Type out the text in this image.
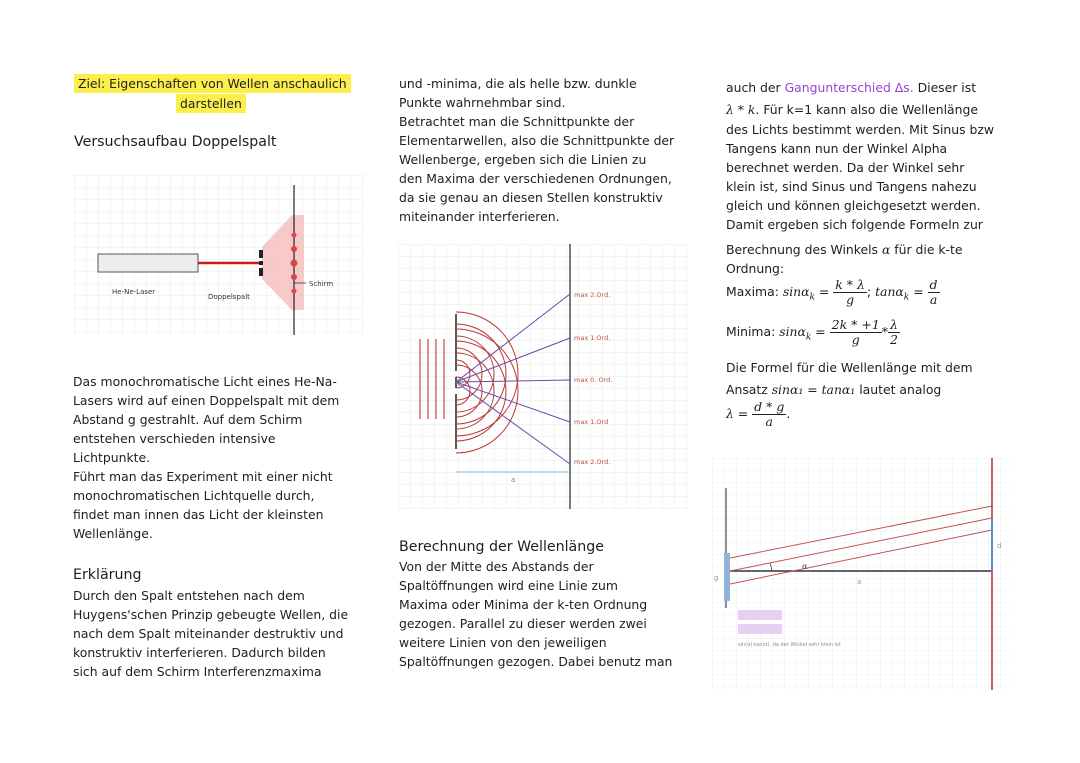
Ziel: Eigenschaften von Wellen anschaulich
darstellen
Versuchsaufbau Doppelspalt
He-Ne-Laser
Doppelspalt
Schirm
Das monochromatische Licht eines He-Na-
Lasers wird auf einen Doppelspalt mit dem
Abstand g gestrahlt. Auf dem Schirm
entstehen verschieden intensive
Lichtpunkte.
Führt man das Experiment mit einer nicht
monochromatischen Lichtquelle durch,
findet man innen das Licht der kleinsten
Wellenlänge.
Erklärung
Durch den Spalt entstehen nach dem
Huygens'schen Prinzip gebeugte Wellen, die
nach dem Spalt miteinander destruktiv und
konstruktiv interferieren. Dadurch bilden
sich auf dem Schirm Interferenzmaxima
und -minima, die als helle bzw. dunkle
Punkte wahrnehmbar sind.
Betrachtet man die Schnittpunkte der
Elementarwellen, also die Schnittpunkte der
Wellenberge, ergeben sich die Linien zu
den Maxima der verschiedenen Ordnungen,
da sie genau an diesen Stellen konstruktiv
miteinander interferieren.
g
a
max 2.Ord.
max 1.Ord.
max 0. Ord.
max 1.Ord
max 2.Ord.
Berechnung der Wellenlänge
Von der Mitte des Abstands der
Spaltöffnungen wird eine Linie zum
Maxima oder Minima der k-ten Ordnung
gezogen. Parallel zu dieser werden zwei
weitere Linien von den jeweiligen
Spaltöffnungen gezogen. Dabei benutz man
auch der Gangunterschied Δs. Dieser ist
λ * k. Für k=1 kann also die Wellenlänge
des Lichts bestimmt werden. Mit Sinus bzw
Tangens kann nun der Winkel Alpha
berechnet werden. Da der Winkel sehr
klein ist, sind Sinus und Tangens nahezu
gleich und können gleichgesetzt werden.
Damit ergeben sich folgende Formeln zur
Berechnung des Winkels α für die k-te
Ordnung:
Maxima: $\sin\alpha_k = \frac{k * \lambda}{g}$ ; $\tan\alpha_k = \frac{d}{a}$
Minima: $\sin\alpha_k = \frac{2k * +1}{g} * \frac{\lambda}{2}$
Die Formel für die Wellenlänge mit dem
Ansatz sinα₁ = tanα₁ lautet analog
$\lambda = \frac{d * g}{a}$ .
α
a
d
g
sin(α)-tan(α), da der Winkel sehr klein ist.
